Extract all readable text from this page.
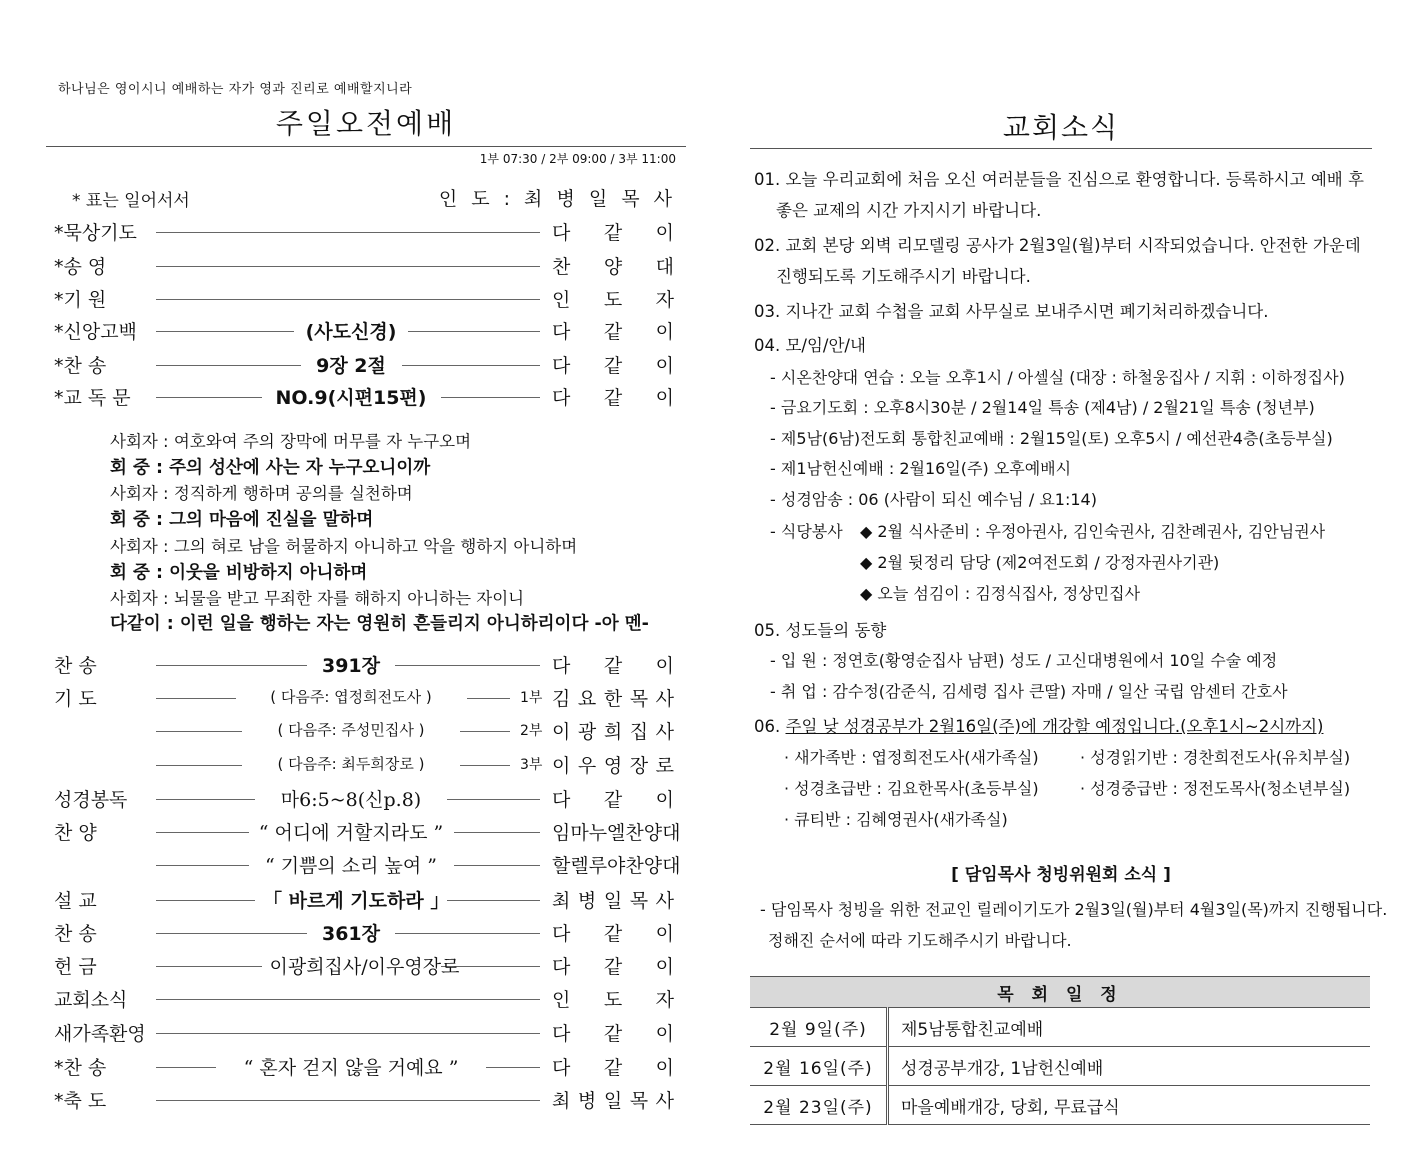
하나님은 영이시니 예배하는 자가 영과 진리로 예배할지니라
주일오전예배
1부 07:30 / 2부 09:00 / 3부 11:00
* 표는 일어서서	인 도 : 최 병 일 목 사
*묵상기도	다 같 이
*송 영	찬 양 대
*기 원	인 도 자
*신앙고백	(사도신경)	다 같 이
*찬 송	9장 2절	다 같 이
*교 독 문	NO.9(시편15편)	다 같 이
사회자 : 여호와여 주의 장막에 머무를 자 누구오며
회 중 : 주의 성산에 사는 자 누구오니이까
사회자 : 정직하게 행하며 공의를 실천하며
회 중 : 그의 마음에 진실을 말하며
사회자 : 그의 혀로 남을 허물하지 아니하고 악을 행하지 아니하며
회 중 : 이웃을 비방하지 아니하며
사회자 : 뇌물을 받고 무죄한 자를 해하지 아니하는 자이니
다같이 : 이런 일을 행하는 자는 영원히 흔들리지 아니하리이다 -아 멘-
찬 송	391장	다 같 이
기 도	( 다음주: 엽정희전도사 )	1부 김 요 한 목 사
( 다음주: 주성민집사 )	2부 이 광 희 집 사
( 다음주: 최두희장로 )	3부 이 우 영 장 로
성경봉독	마6:5~8(신p.8)	다 같 이
찬 양	“ 어디에 거할지라도 ”	임마누엘찬양대
“ 기쁨의 소리 높여 ”	할렐루야찬양대
설 교	「 바르게 기도하라 」	최 병 일 목 사
찬 송	361장	다 같 이
헌 금	이광희집사/이우영장로	다 같 이
교회소식	인 도 자
새가족환영	다 같 이
*찬 송	“ 혼자 걷지 않을 거예요 ”	다 같 이
*축 도	최 병 일 목 사
교회소식
01. 오늘 우리교회에 처음 오신 여러분들을 진심으로 환영합니다. 등록하시고 예배 후
좋은 교제의 시간 가지시기 바랍니다.
02. 교회 본당 외벽 리모델링 공사가 2월3일(월)부터 시작되었습니다. 안전한 가운데
진행되도록 기도해주시기 바랍니다.
03. 지나간 교회 수첩을 교회 사무실로 보내주시면 폐기처리하겠습니다.
04. 모/임/안/내
- 시온찬양대 연습 : 오늘 오후1시 / 아셀실 (대장 : 하철웅집사 / 지휘 : 이하정집사)
- 금요기도회 : 오후8시30분 / 2월14일 특송 (제4남) / 2월21일 특송 (청년부)
- 제5남(6남)전도회 통합친교예배 : 2월15일(토) 오후5시 / 예선관4층(초등부실)
- 제1남헌신예배 : 2월16일(주) 오후예배시
- 성경암송 : 06 (사람이 되신 예수님 / 요1:14)
- 식당봉사 ◆ 2월 식사준비 : 우정아권사, 김인숙권사, 김찬례권사, 김안님권사
◆ 2월 뒷정리 담당 (제2여전도회 / 강정자권사기관)
◆ 오늘 섬김이 : 김정식집사, 정상민집사
05. 성도들의 동향
- 입 원 : 정연호(황영순집사 남편) 성도 / 고신대병원에서 10일 수술 예정
- 취 업 : 감수정(감준식, 김세령 집사 큰딸) 자매 / 일산 국립 암센터 간호사
06. 주일 낮 성경공부가 2월16일(주)에 개강할 예정입니다.(오후1시~2시까지)
· 새가족반 : 엽정희전도사(새가족실)	· 성경읽기반 : 경찬희전도사(유치부실)
· 성경초급반 : 김요한목사(초등부실)	· 성경중급반 : 정전도목사(청소년부실)
· 큐티반 : 김혜영권사(새가족실)
[ 담임목사 청빙위원회 소식 ]
- 담임목사 청빙을 위한 전교인 릴레이기도가 2월3일(월)부터 4월3일(목)까지 진행됩니다.
정해진 순서에 따라 기도해주시기 바랍니다.
목 회 일 정	
2월 9일(주)	제5남통합친교예배
2월 16일(주)	성경공부개강, 1남헌신예배
2월 23일(주)	마을예배개강, 당회, 무료급식
